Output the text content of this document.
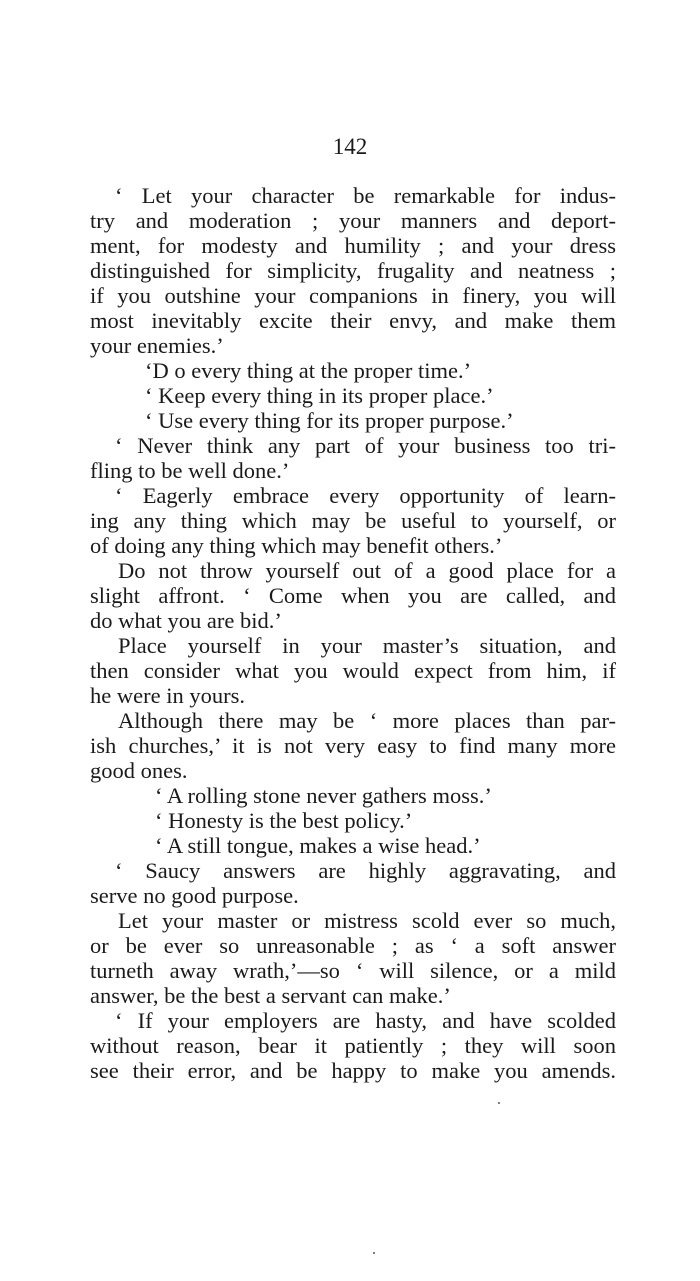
142
‘ Let your character be remarkable for indus-
try and moderation ; your manners and deport-
ment, for modesty and humility ; and your dress
distinguished for simplicity, frugality and neatness ;
if you outshine your companions in finery, you will
most inevitably excite their envy, and make them
your enemies.’
‘D o every thing at the proper time.’
‘ Keep every thing in its proper place.’
‘ Use every thing for its proper purpose.’
‘ Never think any part of your business too tri-
fling to be well done.’
‘ Eagerly embrace every opportunity of learn-
ing any thing which may be useful to yourself, or
of doing any thing which may benefit others.’
Do not throw yourself out of a good place for a
slight affront. ‘ Come when you are called, and
do what you are bid.’
Place yourself in your master’s situation, and
then consider what you would expect from him, if
he were in yours.
Although there may be ‘ more places than par-
ish churches,’ it is not very easy to find many more
good ones.
‘ A rolling stone never gathers moss.’
‘ Honesty is the best policy.’
‘ A still tongue, makes a wise head.’
‘ Saucy answers are highly aggravating, and
serve no good purpose.
Let your master or mistress scold ever so much,
or be ever so unreasonable ; as ‘ a soft answer
turneth away wrath,’—so ‘ will silence, or a mild
answer, be the best a servant can make.’
‘ If your employers are hasty, and have scolded
without reason, bear it patiently ; they will soon
see their error, and be happy to make you amends.
